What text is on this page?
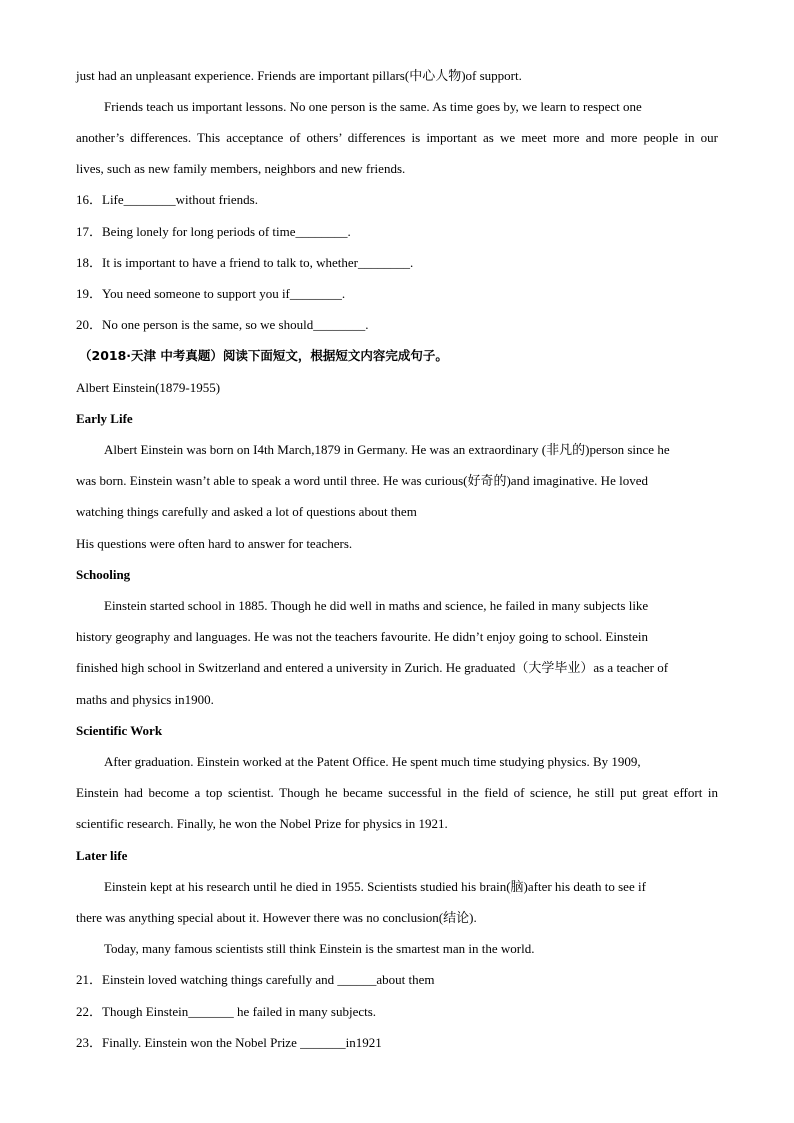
just had an unpleasant experience. Friends are important pillars(中心人物)of support.
Friends teach us important lessons. No one person is the same. As time goes by, we learn to respect one
another’s differences. This acceptance of others’ differences is important as we meet more and more people in our
lives, such as new family members, neighbors and new friends.
16．Life________without friends.
17．Being lonely for long periods of time________.
18．It is important to have a friend to talk to, whether________.
19．You need someone to support you if________.
20．No one person is the same, so we should________.
（2018·天津 中考真题）阅读下面短文，根据短文内容完成句子。
Albert Einstein(1879-1955)
Early Life
Albert Einstein was born on I4th March,1879 in Germany. He was an extraordinary (非凡的)person since he
was born. Einstein wasn’t able to speak a word until three. He was curious(好奇的)and imaginative. He loved
watching things carefully and asked a lot of questions about them
His questions were often hard to answer for teachers.
Schooling
Einstein started school in 1885. Though he did well in maths and science, he failed in many subjects like
history geography and languages. He was not the teachers favourite. He didn’t enjoy going to school. Einstein
finished high school in Switzerland and entered a university in Zurich. He graduated（大学毕业）as a teacher of
maths and physics in1900.
Scientific Work
After graduation. Einstein worked at the Patent Office. He spent much time studying physics. By 1909,
Einstein had become a top scientist. Though he became successful in the field of science, he still put great effort in
scientific research. Finally, he won the Nobel Prize for physics in 1921.
Later life
Einstein kept at his research until he died in 1955. Scientists studied his brain(脑)after his death to see if
there was anything special about it. However there was no conclusion(结论).
Today, many famous scientists still think Einstein is the smartest man in the world.
21．Einstein loved watching things carefully and ______about them
22．Though Einstein_______ he failed in many subjects.
23．Finally. Einstein won the Nobel Prize _______in1921
